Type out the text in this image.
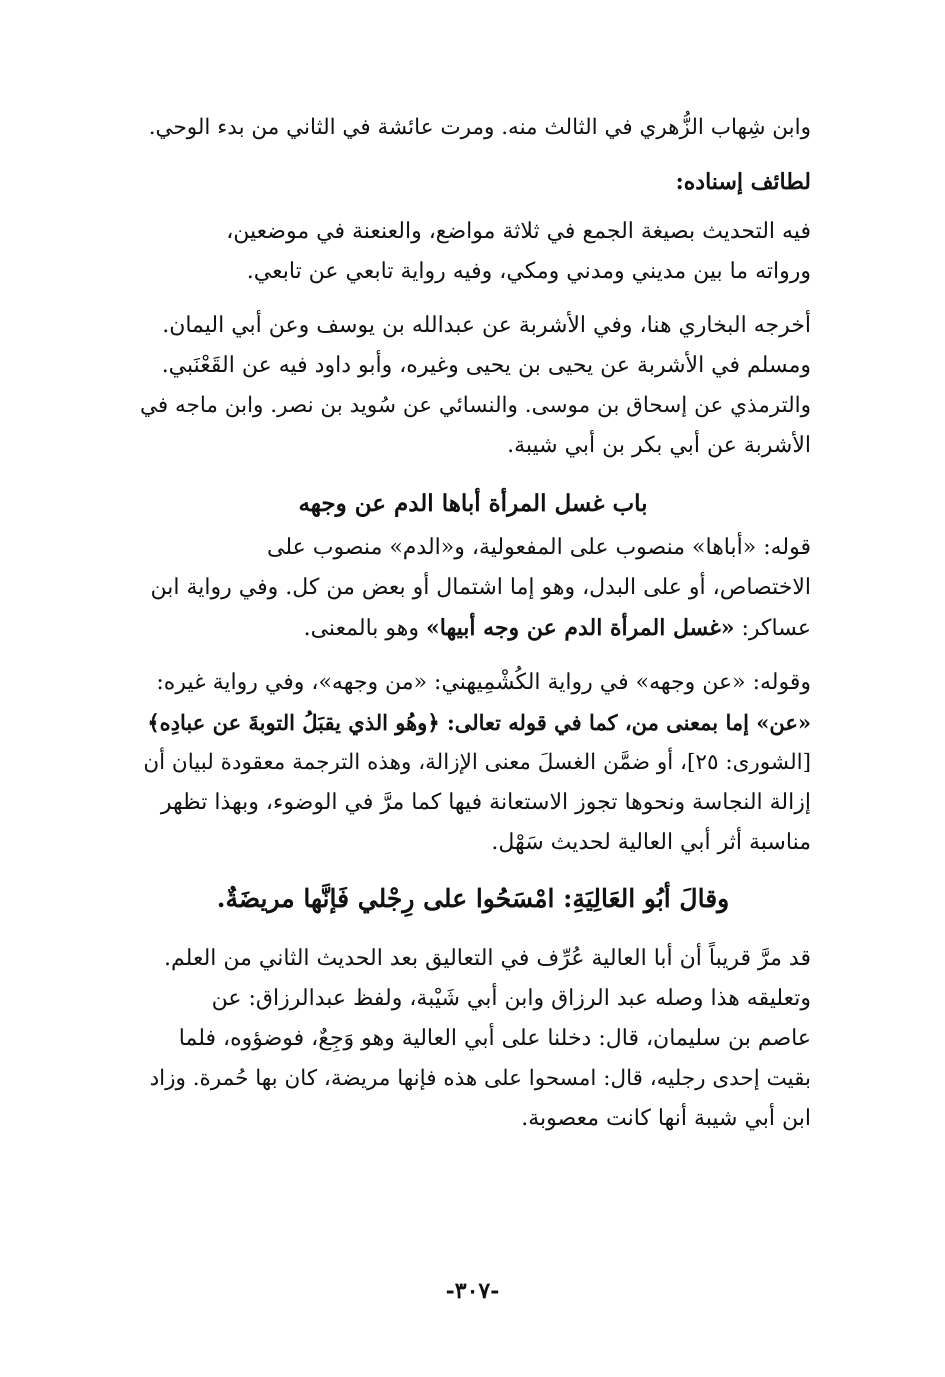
وابن شِهاب الزُّهري في الثالث منه. ومرت عائشة في الثاني من بدء الوحي.
لطائف إسناده:
فيه التحديث بصيغة الجمع في ثلاثة مواضع، والعنعنة في موضعين،
ورواته ما بين مديني ومدني ومكي، وفيه رواية تابعي عن تابعي.
أخرجه البخاري هنا، وفي الأشربة عن عبدالله بن يوسف وعن أبي اليمان.
ومسلم في الأشربة عن يحيى بن يحيى وغيره، وأبو داود فيه عن القَعْنَبي.
والترمذي عن إسحاق بن موسى. والنسائي عن سُويد بن نصر. وابن ماجه في
الأشربة عن أبي بكر بن أبي شيبة.
باب غسل المرأة أباها الدم عن وجهه
قوله: «أباها» منصوب على المفعولية، و«الدم» منصوب على
الاختصاص، أو على البدل، وهو إما اشتمال أو بعض من كل. وفي رواية ابن
عساكر: «غسل المرأة الدم عن وجه أبيها» وهو بالمعنى.
وقوله: «عن وجهه» في رواية الكُشْمِيهني: «من وجهه»، وفي رواية غيره:
«عن» إما بمعنى من، كما في قوله تعالى: ﴿وهُو الذي يقبَلُ التوبةَ عن عبادِه﴾
[الشورى: ٢٥]، أو ضمَّن الغسلَ معنى الإزالة، وهذه الترجمة معقودة لبيان أن
إزالة النجاسة ونحوها تجوز الاستعانة فيها كما مرَّ في الوضوء، وبهذا تظهر
مناسبة أثر أبي العالية لحديث سَهْل.
وقالَ أبُو العَالِيَةِ: امْسَحُوا على رِجْلي فَإنَّها مريضَةٌ.
قد مرَّ قريباً أن أبا العالية عُرِّف في التعاليق بعد الحديث الثاني من العلم.
وتعليقه هذا وصله عبد الرزاق وابن أبي شَيْبة، ولفظ عبدالرزاق: عن
عاصم بن سليمان، قال: دخلنا على أبي العالية وهو وَجِعٌ، فوضؤوه، فلما
بقيت إحدى رجليه، قال: امسحوا على هذه فإنها مريضة، كان بها حُمرة. وزاد
ابن أبي شيبة أنها كانت معصوبة.
-٣٠٧-
